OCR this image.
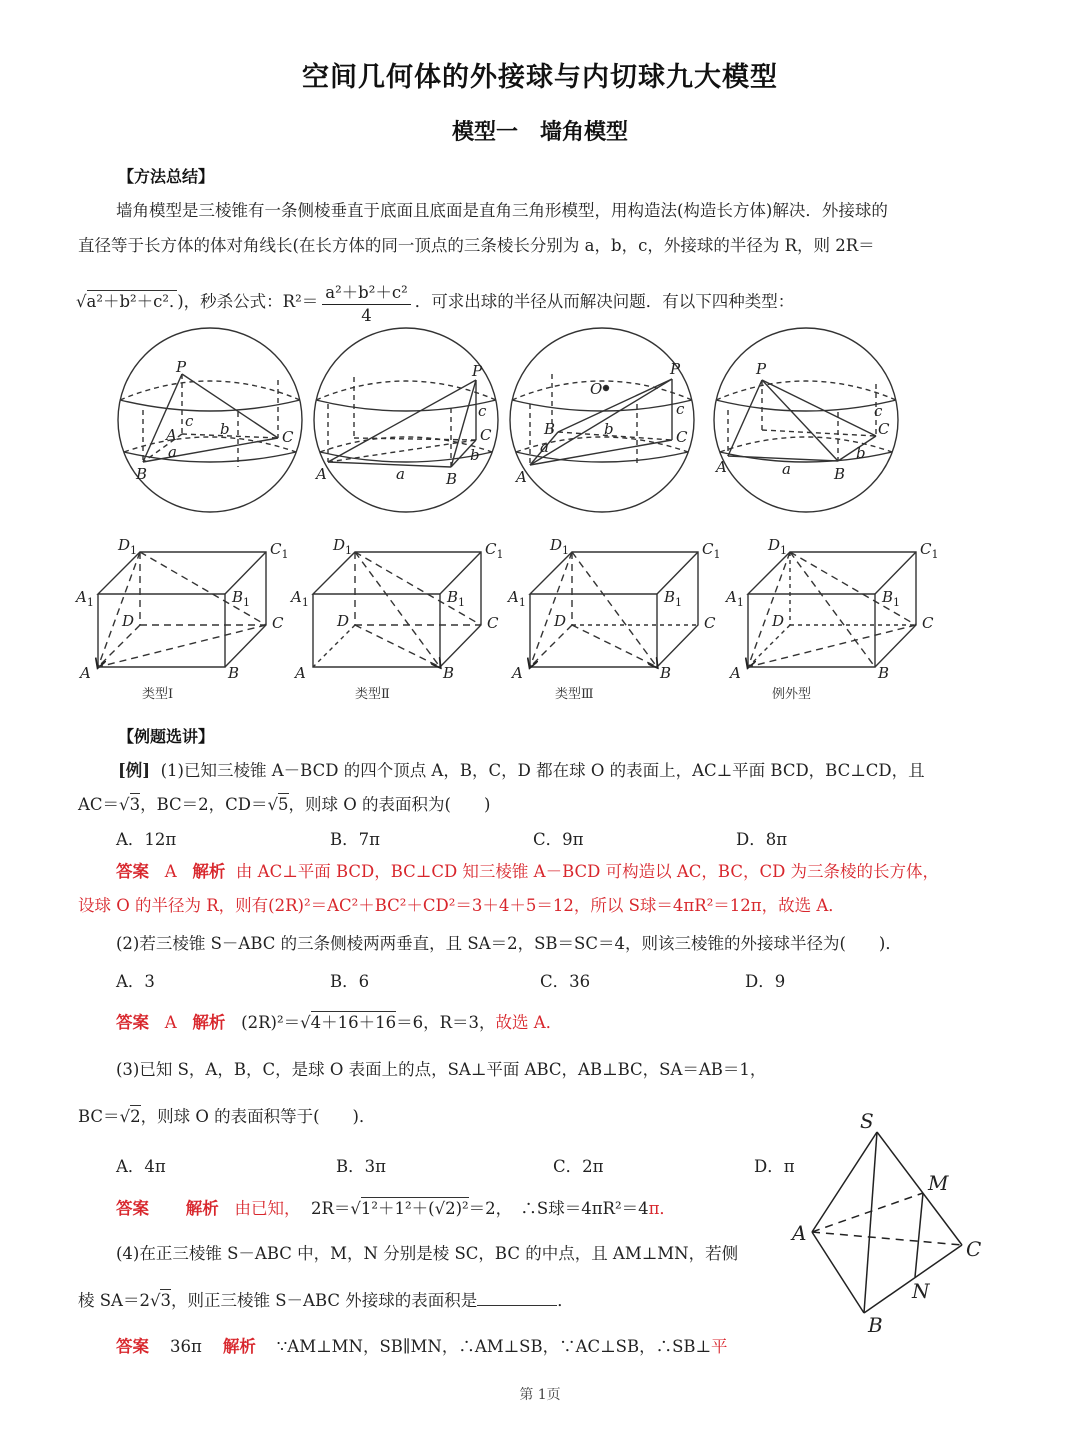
空间几何体的外接球与内切球九大模型
模型一　墙角模型
【方法总结】
墙角模型是三棱锥有一条侧棱垂直于底面且底面是直角三角形模型，用构造法(构造长方体)解决．外接球的
直径等于长方体的体对角线长(在长方体的同一顶点的三条棱长分别为 a，b，c，外接球的半径为 R，则 2R＝
√a²＋b²＋c²．)，秒杀公式：$R^2= \frac{\text{a²＋b²＋c²}}{4}$ ．可求出球的半径从而解决问题．有以下四种类型：
P
A
B
C
a
b
c
P
A	B
C
a
b
c
P
O
A
B	C
a
b
c
P
A	B
C
a
b
c
$D_1$	$C_1$
$A_1$	$B_1$
D	C
A	B
$D_1$	$C_1$
$A_1$	$B_1$
D	C
A	B
$D_1$	$C_1$
$A_1$	$B_1$
D	C
A	B
$D_1$	$C_1$
$A_1$	$B_1$
D	C
A	B
类型Ⅰ	类型Ⅱ	类型Ⅲ	例外型
【例题选讲】
[例] (1)已知三棱锥 A－BCD 的四个顶点 A，B，C，D 都在球 O 的表面上，AC⊥平面 BCD，BC⊥CD，且
AC＝√3，BC＝2，CD＝√5，则球 O 的表面积为(　　)
A．12π	B．7π	C．9π	D．8π
答案 A 解析 由 AC⊥平面 BCD，BC⊥CD 知三棱锥 A－BCD 可构造以 AC，BC，CD 为三条棱的长方体，
设球 O 的半径为 R，则有(2R)²＝AC²＋BC²＋CD²＝3＋4＋5＝12，所以 S球＝4πR²＝12π，故选 A．
(2)若三棱锥 S－ABC 的三条侧棱两两垂直，且 SA＝2，SB＝SC＝4，则该三棱锥的外接球半径为(　　)．
A．3	B．6	C．36	D．9
答案 A 解析 (2R)²＝√4＋16＋16＝6，R＝3，故选 A．
(3)已知 S，A，B，C，是球 O 表面上的点，SA⊥平面 ABC，AB⊥BC，SA＝AB＝1，
BC＝√2，则球 O 的表面积等于(　　)．
A．4π	B．3π	C．2π	D．π
答案 解析 由已知， 2R＝√1²＋1²＋(√2)²＝2，　∴S球＝4πR²＝4π．
(4)在正三棱锥 S－ABC 中，M，N 分别是棱 SC，BC 的中点，且 AM⊥MN，若侧
棱 SA＝2√3，则正三棱锥 S－ABC 外接球的表面积是	．
答案 36π 解析 ∵AM⊥MN，SB∥MN，∴AM⊥SB，∵AC⊥SB，∴SB⊥平
S
M
A
C
N
B
第 1页
